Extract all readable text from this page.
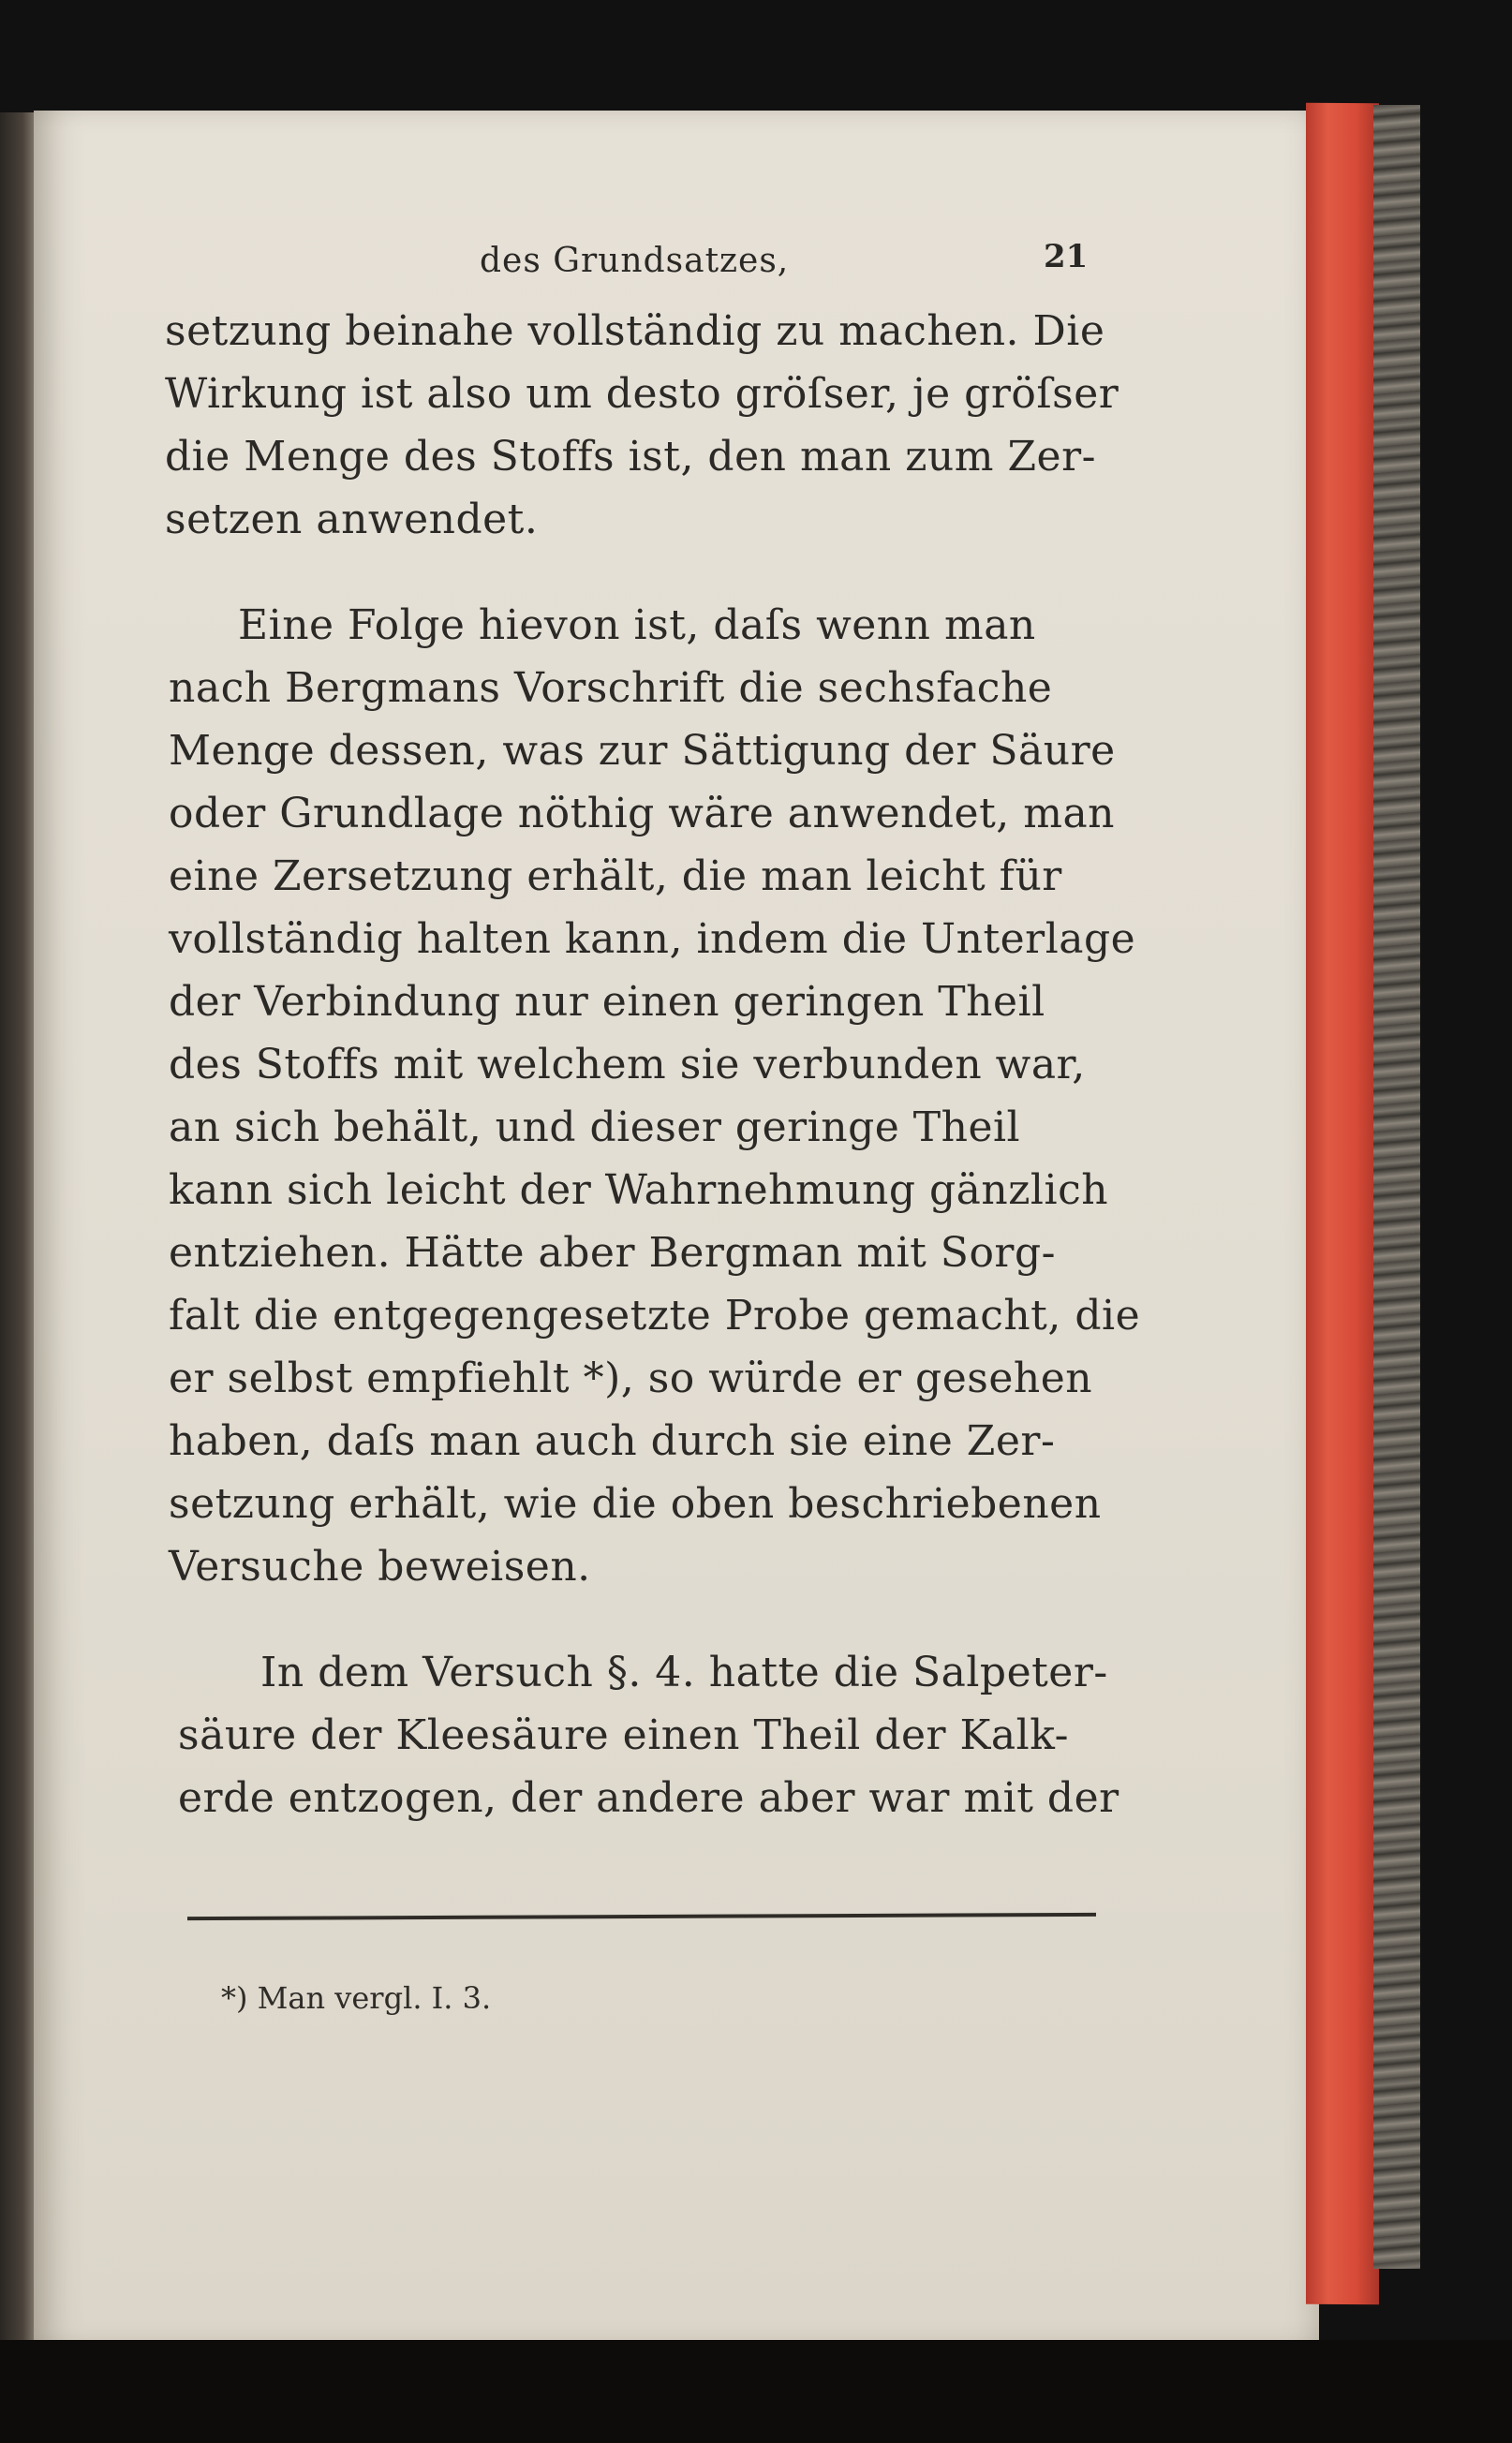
des Grundsatzes,	21
setzung beinahe vollständig zu machen. Die
Wirkung ist also um desto gröſser, je gröſser
die Menge des Stoffs ist, den man zum Zer-
setzen anwendet.
Eine Folge hievon ist, daſs wenn man
nach Bergmans Vorschrift die sechsfache
Menge dessen, was zur Sättigung der Säure
oder Grundlage nöthig wäre anwendet, man
eine Zersetzung erhält, die man leicht für
vollständig halten kann, indem die Unterlage
der Verbindung nur einen geringen Theil
des Stoffs mit welchem sie verbunden war,
an sich behält, und dieser geringe Theil
kann sich leicht der Wahrnehmung gänzlich
entziehen. Hätte aber Bergman mit Sorg-
falt die entgegengesetzte Probe gemacht, die
er selbst empfiehlt *), so würde er gesehen
haben, daſs man auch durch sie eine Zer-
setzung erhält, wie die oben beschriebenen
Versuche beweisen.
In dem Versuch §. 4. hatte die Salpeter-
säure der Kleesäure einen Theil der Kalk-
erde entzogen, der andere aber war mit der
*) Man vergl. I. 3.
